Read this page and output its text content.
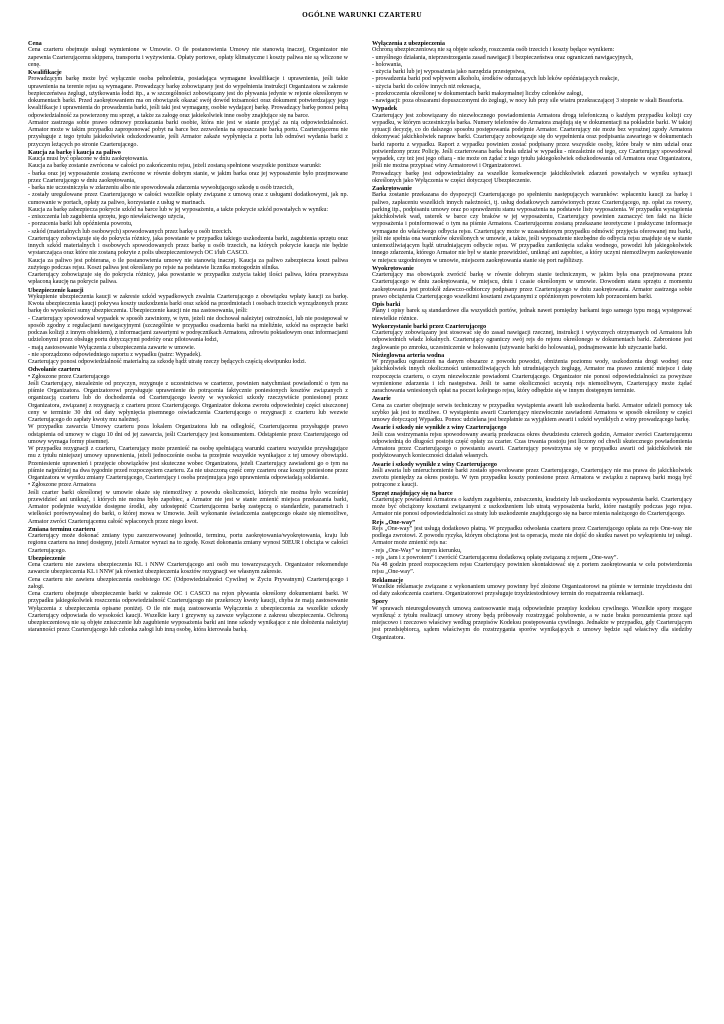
OGÓLNE WARUNKI CZARTERU
Cena

Cena czarteru obejmuje usługi wymienione w Umowie. O ile postanowienia Umowy nie stanowią inaczej, Organizator nie zapewnia Czarterującemu skippera, transportu i wyżywienia. Opłaty portowe, opłaty klimatyczne i koszty paliwa nie są wliczone w cenę.

Kwalifikacje

Prowadzącym barkę może być wyłącznie osoba pełnoletnia, posiadająca wymagane kwalifikacje i uprawnienia, jeśli takie uprawnienia na terenie rejsu są wymagane. Prowadzący barkę zobowiązany jest do wypełnienia instrukcji Organizatora w zakresie bezpieczeństwa żeglugi, użytkowania łodzi itp., a w szczególności zobowiązany jest do pływania jedynie w rejonie określonym w dokumentach barki. Przed zaokrętowaniem ma on obowiązek okazać swój dowód tożsamości oraz dokument potwierdzający jego kwalifikacje i uprawnienia do prowadzenia barki, jeśli taki jest wymagany, osobie wydającej barkę. Prowadzący barkę ponosi pełną odpowiedzialność za powierzony mu sprzęt, a także za załogę oraz jakiekolwiek inne osoby znajdujące się na barce.

Armator zastrzega sobie prawo odmowy przekazania barki osobie, która nie jest w stanie przyjąć za nią odpowiedzialności. Armator może w takim przypadku zaproponować pobyt na barce bez zezwolenia na opuszczanie barką portu. Czarterującemu nie przysługuje z tego tytułu jakiekolwiek odszkodowanie, jeśli Armator zakaże wypłynięcia z portu lub odmówi wydania barki z przyczyn leżących po stronie Czarterującego.

Kaucja za barkę i kaucja za paliwo

Kaucja musi być opłacone w dniu zaokrętowania.

Kaucja za barkę zostanie zwrócona w całości po zakończeniu rejsu, jeżeli zostaną spełnione wszystkie poniższe warunki:

- barka oraz jej wyposażenie zostaną zwrócone w równie dobrym stanie, w jakim barka oraz jej wyposażenie było przejmowane przez Czarterującego w dniu zaokrętowania,

- barka nie uczestniczyła w zdarzeniu albo nie spowodowała zdarzenia wywołującego szkodę u osób trzecich,

- zostały uregulowane przez Czarterującego w całości wszelkie opłaty związane z umową oraz z usługami dodatkowymi, jak np. cumowanie w portach, opłaty za paliwo, korzystanie z usług w marinach.

Kaucja za barkę zabezpiecza pokrycie szkód na barce lub w jej wyposażeniu, a także pokrycie szkód powstałych w wyniku:

- zniszczenia lub zagubienia sprzętu, jego niewłaściwego użycia,

- porzucenia barki lub opóźnienia powrotu,

- szkód (materialnych lub osobowych) spowodowanych przez barkę u osób trzecich.

Czarterujący zobowiązuje się do pokrycia różnicy, jaka powstanie w przypadku takiego uszkodzenia barki, zagubienia sprzętu oraz innych szkód materialnych i osobowych spowodowanych przez barkę u osób trzecich, na których pokrycie kaucja nie będzie wystarczająca oraz które nie zostaną pokryte z polis ubezpieczeniowych OC i/lub CASCO.

Kaucja za paliwo jest pobierana, o ile postanowienia umowy nie stanowią inaczej. Kaucja za paliwo zabezpiecza koszt paliwa zużytego podczas rejsu. Koszt paliwa jest określany po rejsie na podstawie licznika motogodzin silnika.

Czarterujący zobowiązuje się do pokrycia różnicy, jaka powstanie w przypadku zużycia takiej ilości paliwa, która przewyższa wpłaconą kaucję na pokrycie paliwa.

Ubezpieczenie kaucji

Wykupienie ubezpieczenia kaucji w zakresie szkód wypadkowych zwalnia Czarterującego z obowiązku wpłaty kaucji za barkę. Kwota ubezpieczenia kaucji pokrywa koszty uszkodzenia barki oraz szkód na przedmiotach i osobach trzecich wyrządzonych przez barkę do wysokości sumy ubezpieczenia. Ubezpieczenie kaucji nie ma zastosowania, jeśli:

- Czarterujący spowodował wypadek w sposób zawiniony, w tym, jeżeli nie dochował należytej ostrożności, lub nie postępował w sposób zgodny z regulacjami nawigacyjnymi (szczególnie w przypadku osadzenia barki na mieliźnie, szkód na osprzęcie barki podczas kolizji z innym obiektem), z informacjami zawartymi w podręcznikach Armatora, zdrowiu poktadowym oraz informacjami udzielonymi przez obsługę portu dotyczącymi podróży oraz pilotowania łodzi,

- mają zastosowanie Wyłączenia z ubezpieczenia zawarte w umowie.

- nie sporządzono odpowiedniego raportu z wypadku (patrz: Wypadek).

Czarterujący ponosi odpowiedzialność materialną za szkodę bądź utratę rzeczy będących częścią ekwipunku łodzi.

Odwołanie czarteru

• Zgłoszone przez Czarterującego

Jeśli Czarterujący, niezależnie od przyczyn, rezygnuje z uczestnictwa w czarterze, powinien natychmiast powiadomić o tym na piśmie Organizatora. Organizatorowi przysługuje uprawnienie do potrącenia faktycznie poniesionych kosztów związanych z organizacją czarteru lub do dochodzenia od Czarterującego kwoty w wysokości szkody rzeczywiście poniesionej przez Organizatora, związanej z rezygnacją z czarteru przez Czarterującego. Organizator dokona zwrotu odpowiedniej części uiszczonej ceny w terminie 30 dni od daty wpłynięcia pisemnego oświadczenia Czarterującego o rezygnacji z czarteru lub wezwie Czarterującego do zapłaty kwoty mu należnej.

W przypadku zawarcia Umowy czarteru poza lokalem Organizatora lub na odległość, Czarterującemu przysługuje prawo odstąpienia od umowy w ciągu 10 dni od jej zawarcia, jeśli Czarterujący jest konsumentem. Odstąpienie przez Czarterującego od umowy wymaga formy pisemnej.

W przypadku rezygnacji z czarteru, Czarterujący może przenieść na osobę spełniającą warunki czarteru wszystkie przysługujące mu z tytułu niniejszej umowy uprawnienia, jeżeli jednocześnie osoba ta przejmie wszystkie wynikające z tej umowy obowiązki. Przeniesienie uprawnień i przejęcie obowiązków jest skuteczne wobec Organizatora, jeżeli Czarterujący zawiadomi go o tym na piśmie najpóźniej na dwa tygodnie przed rozpoczęciem czarteru. Za nie uiszczoną część ceny czarteru oraz koszty poniesione przez Organizatora w wyniku zmiany Czarterującego, Czarterujący i osoba przejmująca jego uprawnienia odpowiadają solidarnie.

• Zgłoszone przez Armatora

Jeśli czarter barki określonej w umowie okaże się niemożliwy z powodu okoliczności, których nie można było wcześniej przewidzieć ani uniknąć, i których nie można było zapobiec, a Armator nie jest w stanie zmienić miejsca przekazania barki, Armator podejmie wszystkie dostępne środki, aby udostępnić Czarterującemu barkę zastępczą o standardzie, parametrach i wielkości porównywalnej do barki, o której mowa w Umowie. Jeśli wykonanie świadczenia zastępczego okaże się niemożliwe, Armator zwróci Czarterującemu całość wpłaconych przez niego kwot.

Zmiana terminu czarteru

Czarterujący może dokonać zmiany typu zarezerwowanej jednostki, terminu, portu zaokrętowania/wyokrętowania, kraju lub regionu czarteru na innej dostępny, jeżeli Armator wyrazi na to zgodę. Koszt dokonania zmiany wynosi 50EUR i obciąża w całości Czarterującego.

Ubezpieczenie

Cena czarteru nie zawiera ubezpieczenia KL i NNW Czarterującego ani osób mu towarzyszących. Organizator rekomenduje zawarcie ubezpieczenia KL i NNW jak również ubezpieczenia kosztów rezygnacji we własnym zakresie.

Cena czarteru nie zawiera ubezpieczenia osobistego OC (Odpowiedzialności Cywilnej w Życiu Prywatnym) Czarterującego i załogi.

Cena czarteru obejmuje ubezpieczenie barki w zakresie OC i CASCO na rejon pływania określony dokumentami barki. W przypadku jakiegokolwiek roszczenia odpowiedzialność Czarterującego nie przekroczy kwoty kaucji, chyba że mają zastosowanie Wyłączenia z ubezpieczenia opisane poniżej. O ile nie mają zastosowania Wyłączenia z ubezpieczenia za wszelkie szkody Czarterujący odpowiada do wysokości kaucji. Wszelkie kary i grzywny są zawsze wyłączone z zakresu ubezpieczenia. Ochroną ubezpieczeniową nie są objęte zniszczenie lub zagubienie wyposażenia barki ani inne szkody wynikające z nie dołożenia należytej staranności przez Czarterującego lub członka załogi lub inną osobę, która kierowała barką.

Wyłączenia z ubezpieczenia

Ochroną ubezpieczeniową nie są objęte szkody, roszczenia osób trzecich i koszty będące wynikiem:

- umyślnego działania, nieprzestrzegania zasad nawigacji i bezpieczeństwa oraz ograniczeń nawigacyjnych,

- holowania,

- użycia barki lub jej wyposażenia jako narzędzia przestępstwa,

- prowadzenia barki pod wpływem alkoholu, środków odurzających lub leków opóźniających reakcje,

- użycia barki do celów innych niż rekreacja,

- przekroczenia określonej w dokumentach barki maksymalnej liczby członków załogi,

- nawigacji: poza obszarami dopuszczonymi do żeglugi, w nocy lub przy sile wiatru przekraczającej 3 stopnie w skali Beauforta.

Wypadek

Czarterujący jest zobowiązany do niezwłocznego powiadomienia Armatora drogą telefoniczną o każdym przypadku kolizji czy wypadku, w którym uczestniczyła barka. Numery telefonów do Armatora znajdują się w dokumentacji na pokładzie barki. W takiej sytuacji decyzję, co do dalszego sposobu postępowania podejmie Armator. Czarterujący nie może bez wyraźnej zgody Armatora dokonywać jakichkolwiek napraw barki. Czarterujący zobowiązuje się do wypełnienia oraz podpisania zawartego w dokumentach barki raportu z wypadku. Raport z wypadku powinien zostać podpisany przez wszystkie osoby, które brały w nim udział oraz potwierdzony przez Policję. Jeśli czarterowana barka brała udział w wypadku - niezależnie od tego, czy Czarterujący spowodował wypadek, czy też jest jego ofiarą - nie może on żądać z tego tytułu jakiegokolwiek odszkodowania od Armatora oraz Organizatora, jeśli nie można przypisać winy Armatorowi i Organizatorowi.

Prowadzący barkę jest odpowiedzialny za wszelkie konsekwencje jakichkolwiek zdarzeń powstałych w wyniku sytuacji określonych jako Wyłączenia w części dotyczącej Ubezpieczenie.

Zaokrętowanie

Barka zostanie przekazana do dyspozycji Czarterującego po spełnieniu następujących warunków: wpłaceniu kaucji za barkę i paliwo, zapłaceniu wszelkich innych należności, tj. usług dodatkowych zamówionych przez Czarterującego, np. opłat za rowery, parking itp., podpisaniu umowy oraz po sprawdzeniu stanu wyposażenia na podstawie listy wyposażenia. W przypadku wystąpienia jakichkolwiek wad, usterek w barce czy braków w jej wyposażeniu, Czarterujący powinien zaznaczyć ten fakt na liście wyposażenia i poinformować o tym na piśmie Armatora. Czarterującemu zostaną przekazane teoretyczne i praktyczne informacje wymagane do właściwego odbycia rejsu. Czarterujący może w uzasadnionym przypadku odmówić przyjęcia oferowanej mu barki, jeśli nie spełnia ona warunków określonych w umowie, a także, jeśli wyposażenie niezbędne do odbycia rejsu znajduje się w stanie uniemożliwiającym bądź utrudniającym odbycie rejsu. W przypadku zaniknięcia szlaku wodnego, powodzi lub jakiegokolwiek innego zdarzenia, którego Armator nie był w stanie przewidzieć, uniknąć ani zapobiec, a który uczyni niemożliwym zaokrętowanie w miejscu uzgodnionym w umowie, miejscem zaokrętowania stanie się port najbliższy.

Wyokrętowanie

Czarterujący ma obowiązek zwrócić barkę w równie dobrym stanie technicznym, w jakim była ona przejmowana przez Czarterującego w dniu zaokrętowania, w miejscu, dniu i czasie określonym w umowie. Dowodem stanu sprzętu z momentu zaokrętowania jest protokół zdawczo-odbiorczy podpisany przez Czarterującego w dniu zaokrętowania. Armator zastrzega sobie prawo obciążenia Czarterującego wszelkimi kosztami związanymi z opóźnionym powrotem lub porzuceniem barki.

Opis barki

Plany i opisy barek są standardowe dla wszystkich portów, jednak nawet pomiędzy barkami tego samego typu mogą występować niewielkie różnice.

Wykorzystanie barki przez Czarterującego

Czarterujący zobowiązany jest stosować się do zasad nawigacji rzecznej, instrukcji i wytycznych otrzymanych od Armatora lub odpowiednich władz lokalnych. Czarterujący ograniczy swój rejs do rejonu określonego w dokumentach barki. Zabronione jest żeglowanie po zmroku, uczestniczenie w holowaniu (używanie barki do holowania), podnajmowanie lub użyczanie barki.

Nieżeglowna arteria wodna

W przypadku ograniczeń na danym obszarze z powodu powodzi, obniżenia poziomu wody, uszkodzenia drogi wodnej oraz jakichkolwiek innych okoliczności uniemożliwiających lub utrudniających żeglugę, Armator ma prawo zmienić miejsce i datę rozpoczęcia czarteru, o czym niezwłocznie powiadomi Czarterującego. Organizator nie ponosi odpowiedzialności za powyższe wymienione zdarzenia i ich następstwa. Jeśli te same okoliczności uczynią rejs niemożliwym, Czarterujący może żądać zarachowania wniesionych opłat na poczet kolejnego rejsu, który odbędzie się w innym dostępnym terminie.

Awarie

Cena za czarter obejmuje serwis techniczny w przypadku wystąpienia awarii lub uszkodzenia barki. Armator udzieli pomocy tak szybko jak jest to możliwe. O wystąpieniu awarii Czarterujący niezwłocznie zawiadomi Armatora w sposób określony w części umowy dotyczącej Wypadku. Pomoc udzielana jest bezpłatnie za wyjątkiem awarii i szkód wynikłych z winy prowadzącego barkę.

Awarie i szkody nie wynikłe z winy Czarterującego

Jeśli czas wstrzymania rejsu spowodowany awarią przekracza okres dwudziestu czterech godzin, Armator zwróci Czarterującemu odpowiednią do długości postoju część opłaty za czarter. Czas trwania postoju jest liczony od chwili skutecznego powiadomienia Armatora przez Czarterującego o powstaniu awarii. Czarterujący powstrzyma się w przypadku awarii od jakichkolwiek nie podyktowanych konieczności działań własnych.

Awarie i szkody wynikłe z winy Czarterującego

Jeśli awaria lub unieruchomienie barki zostało spowodowane przez Czarterującego, Czarterujący nie ma prawa do jakichkolwiek zwrotu pieniędzy za okres postoju. W tym przypadku koszty poniesione przez Armatora w związku z naprawą barki mogą być potrącone z kaucji.

Sprzęt znajdujący się na barce

Czarterujący powiadomi Armatora o każdym zagubieniu, zniszczeniu, kradzieży lub uszkodzeniu wyposażenia barki. Czarterujący może być obciążony kosztami związanymi z uszkodzeniem lub utratą wyposażenia barki, które nastąpiły podczas jego rejsu. Armator nie ponosi odpowiedzialności za straty lub uszkodzenie znajdującego się na barce mienia należącego do Czarterującego.

Rejs „One-way”

Rejs „One-way” jest usługą dodatkowo płatną. W przypadku odwołania czarteru przez Czarterującego opłata za rejs One-way nie podlega zwrotowi. Z powodu ryzyka, którym obciążona jest ta operacja, może nie dojść do skutku nawet po wykupieniu tej usługi. Armator może zmienić rejs na:

- rejs „One-Way” w innym kierunku,

- rejs „tam i z powrotem” i zwrócić Czarterującemu dodatkową opłatę związaną z rejsem „One-way”.

Na 48 godzin przed rozpoczęciem rejsu Czarterujący powinien skontaktować się z portem zaokrętowania w celu potwierdzenia rejsu „One-way”.

Reklamacje

Wszelkie reklamacje związane z wykonaniem umowy powinny być złożone Organizatorowi na piśmie w terminie trzydziestu dni od daty zakończenia czarteru. Organizatorowi przysługuje trzydziestodniowy termin do rozpatrzenia reklamacji.

Spory

W sprawach nieuregulowanych umową zastosowanie mają odpowiednie przepisy kodeksu cywilnego. Wszelkie spory mogące wyniknąć z tytułu realizacji umowy strony będą próbowały rozstrzygać polubownie, a w razie braku porozumienia przez sąd miejscowo i rzeczowo właściwy według przepisów Kodeksu postępowania cywilnego. Jednakże w przypadku, gdy Czarterującym jest przedsiębiorcą, sądem właściwym do rozstrzygania sporów wynikających z umowy będzie sąd właściwy dla siedziby Organizatora.
